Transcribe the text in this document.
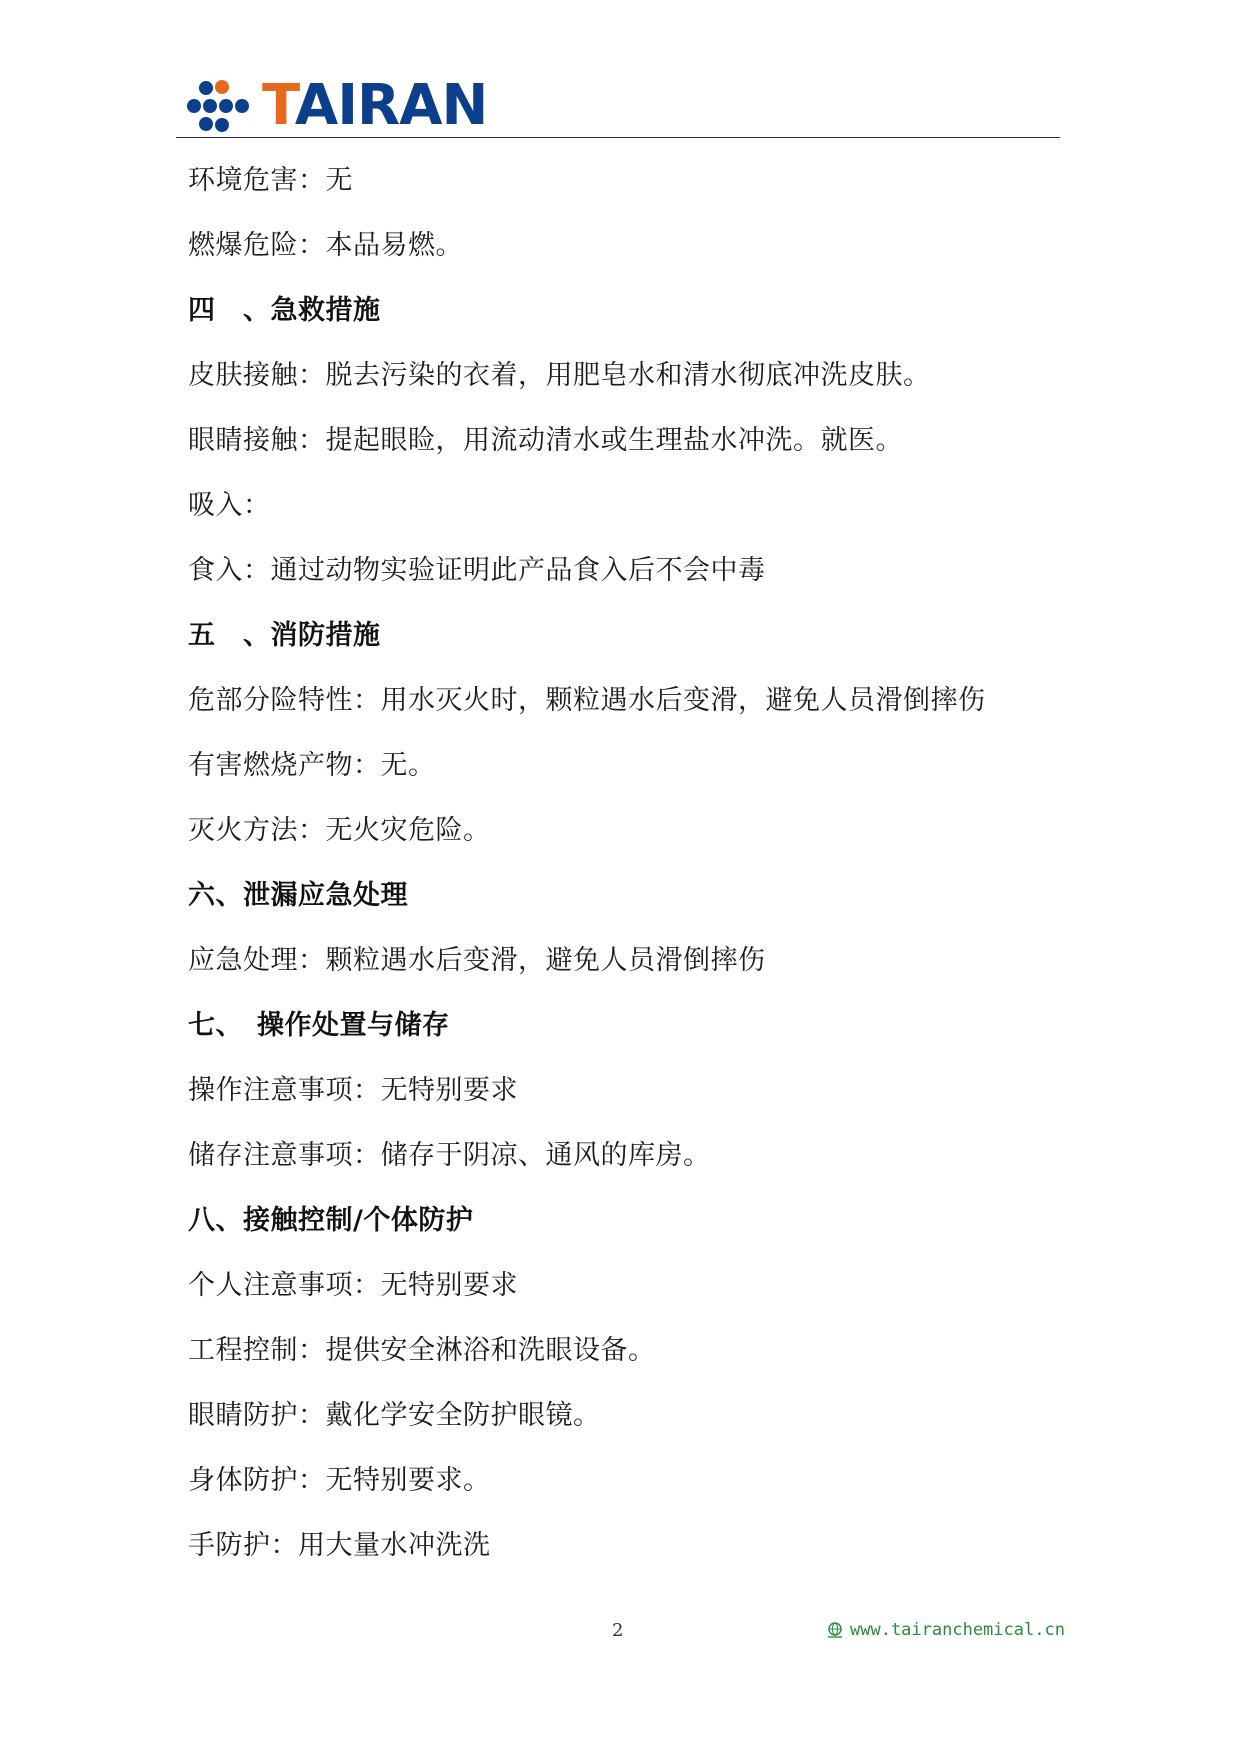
TAIRAN
环境危害：无
燃爆危险：本品易燃。
四　、急救措施
皮肤接触：脱去污染的衣着，用肥皂水和清水彻底冲洗皮肤。
眼睛接触：提起眼睑，用流动清水或生理盐水冲洗。就医。
吸入：
食入：通过动物实验证明此产品食入后不会中毒
五　、消防措施
危部分险特性：用水灭火时，颗粒遇水后变滑，避免人员滑倒摔伤
有害燃烧产物：无。
灭火方法：无火灾危险。
六、泄漏应急处理
应急处理：颗粒遇水后变滑，避免人员滑倒摔伤
七、　操作处置与储存
操作注意事项：无特别要求
储存注意事项：储存于阴凉、通风的库房。
八、接触控制/个体防护
个人注意事项：无特别要求
工程控制：提供安全淋浴和洗眼设备。
眼睛防护：戴化学安全防护眼镜。
身体防护：无特别要求。
手防护：用大量水冲洗洗
2	www.tairanchemical.cn
